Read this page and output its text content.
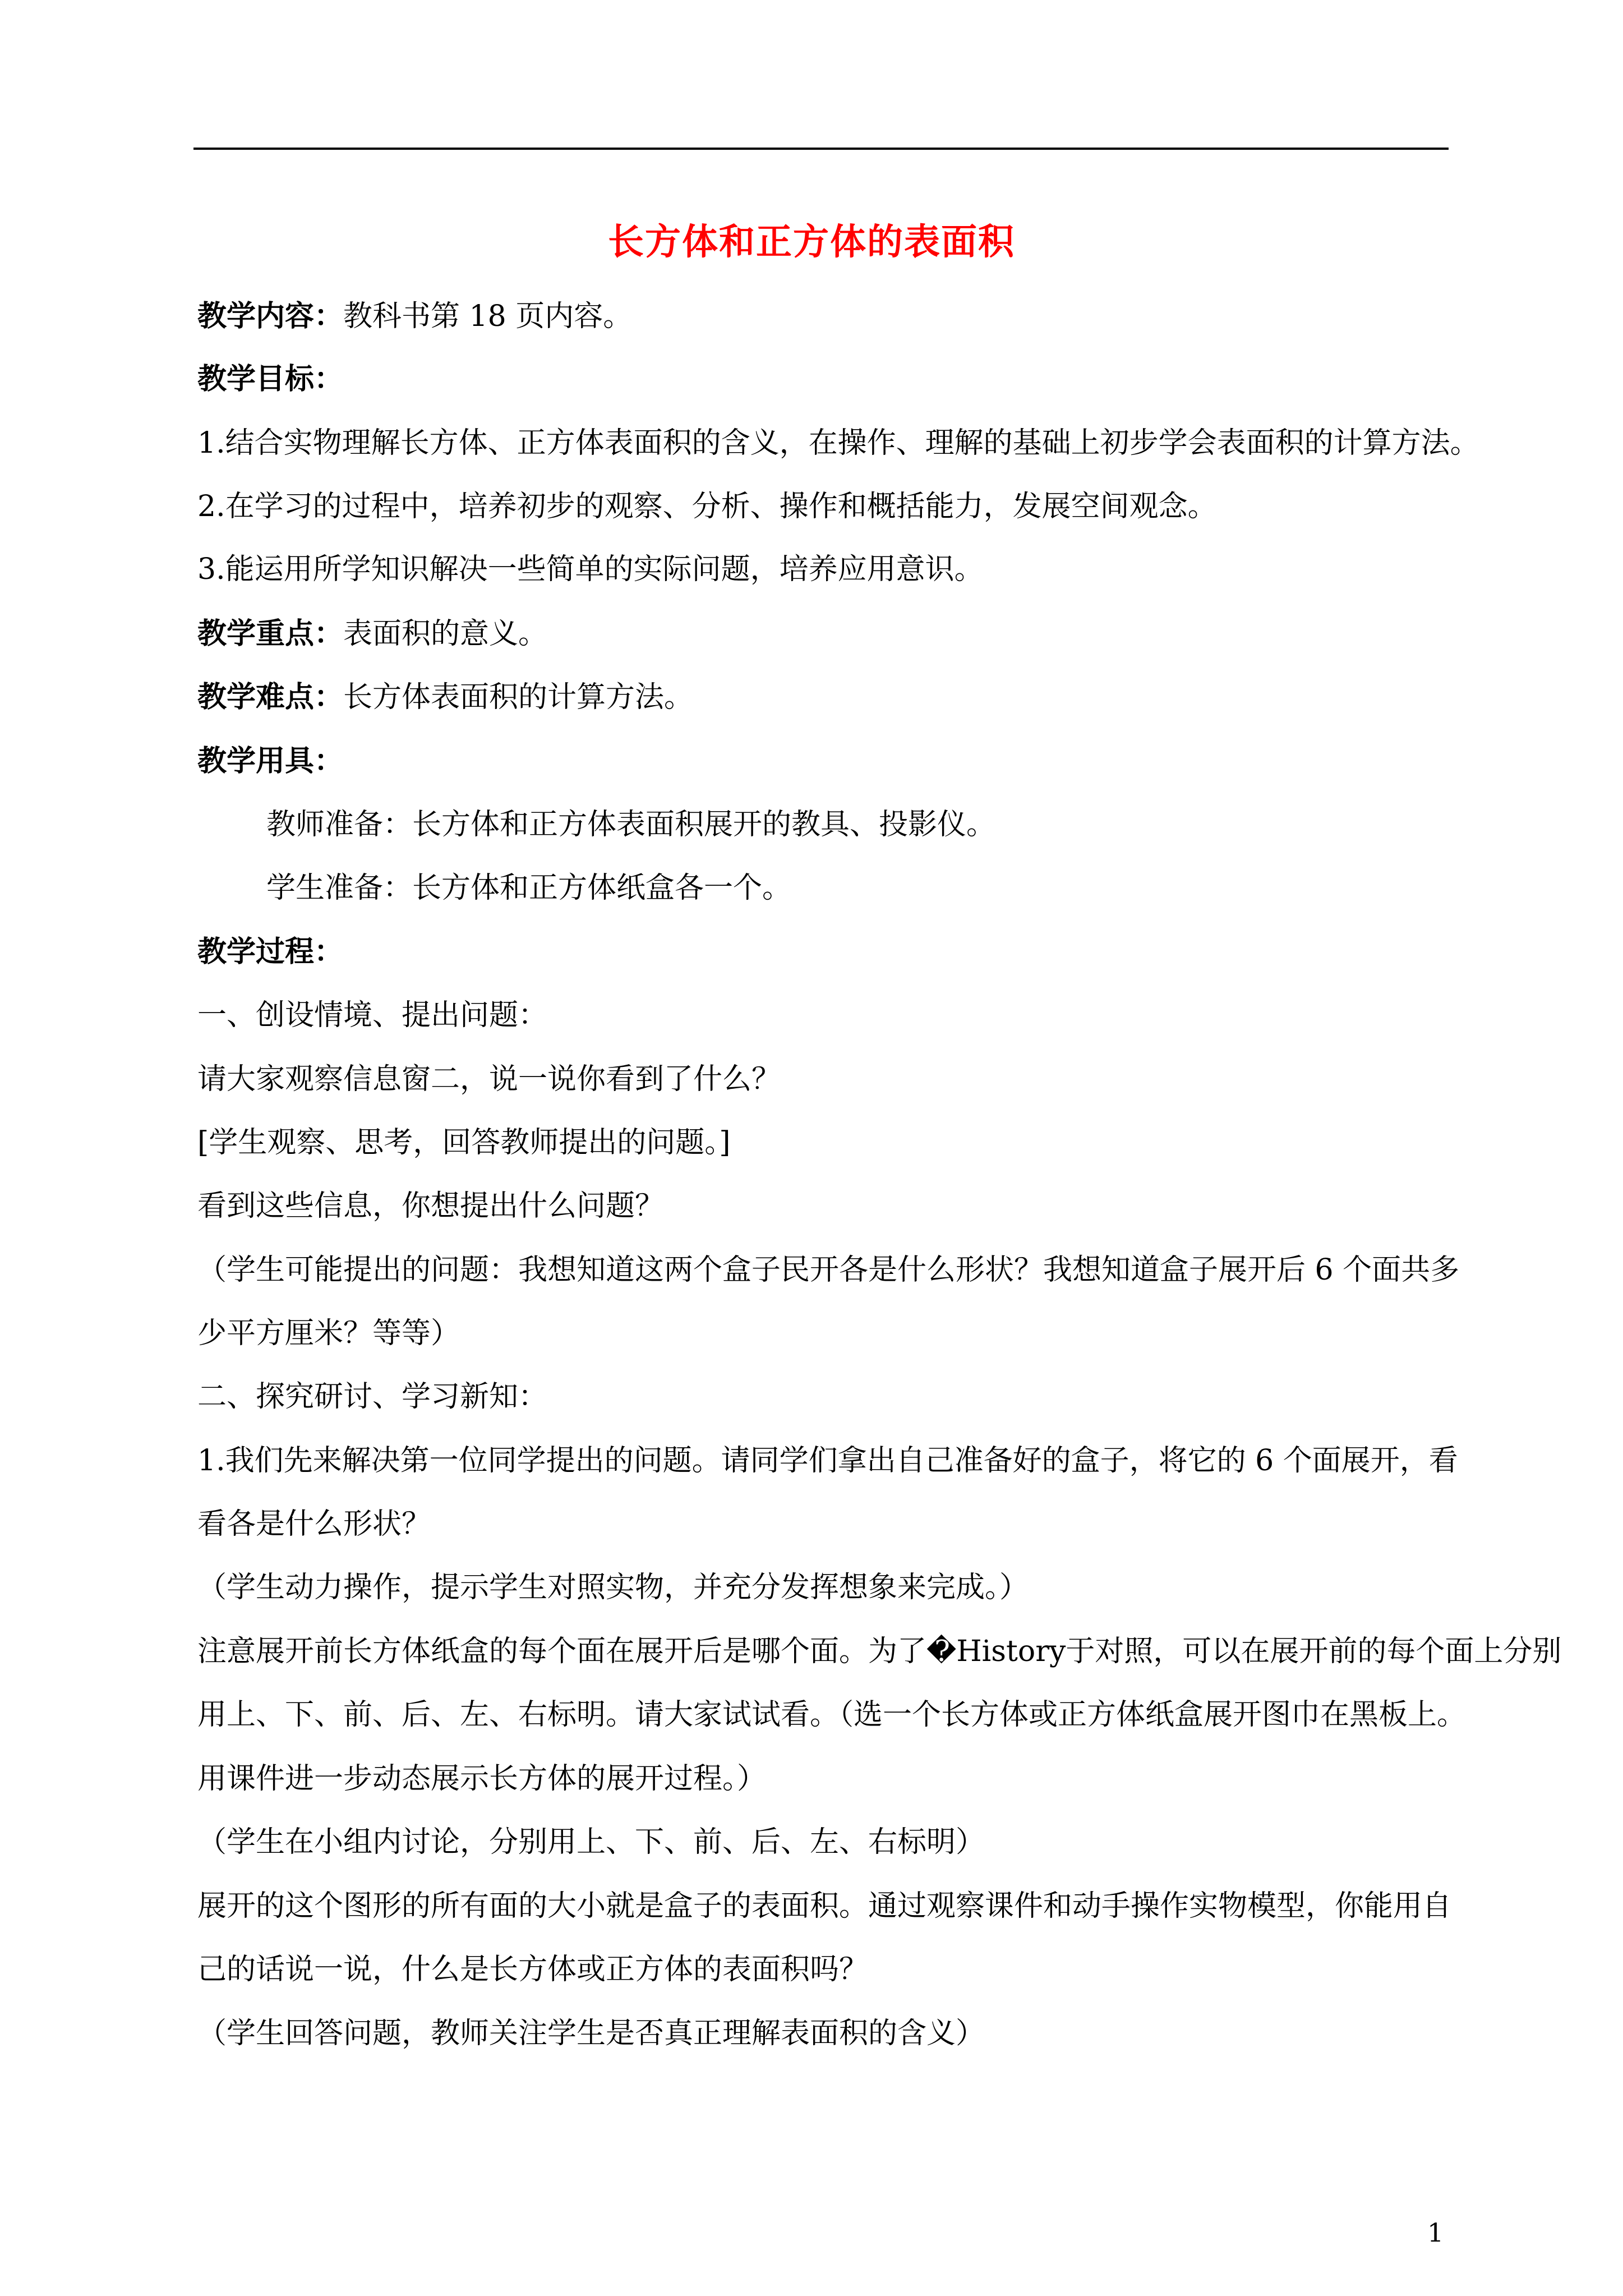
长方体和正方体的表面积
教学内容：教科书第 18 页内容。
教学目标：
1.结合实物理解长方体、正方体表面积的含义，在操作、理解的基础上初步学会表面积的计算方法。
2.在学习的过程中，培养初步的观察、分析、操作和概括能力，发展空间观念。
3.能运用所学知识解决一些简单的实际问题，培养应用意识。
教学重点：表面积的意义。
教学难点：长方体表面积的计算方法。
教学用具：
教师准备：长方体和正方体表面积展开的教具、投影仪。
学生准备：长方体和正方体纸盒各一个。
教学过程：
一、创设情境、提出问题：
请大家观察信息窗二，说一说你看到了什么？
[学生观察、思考，回答教师提出的问题。]
看到这些信息，你想提出什么问题？
（学生可能提出的问题：我想知道这两个盒子民开各是什么形状？我想知道盒子展开后 6 个面共多
少平方厘米？等等）
二、探究研讨、学习新知：
1.我们先来解决第一位同学提出的问题。请同学们拿出自己准备好的盒子，将它的 6 个面展开，看
看各是什么形状？
（学生动力操作，提示学生对照实物，并充分发挥想象来完成。）
注意展开前长方体纸盒的每个面在展开后是哪个面。为了�History于对照，可以在展开前的每个面上分别
用上、下、前、后、左、右标明。请大家试试看。（选一个长方体或正方体纸盒展开图巾在黑板上。
用课件进一步动态展示长方体的展开过程。）
（学生在小组内讨论，分别用上、下、前、后、左、右标明）
展开的这个图形的所有面的大小就是盒子的表面积。通过观察课件和动手操作实物模型，你能用自
己的话说一说，什么是长方体或正方体的表面积吗？
（学生回答问题，教师关注学生是否真正理解表面积的含义）
1
